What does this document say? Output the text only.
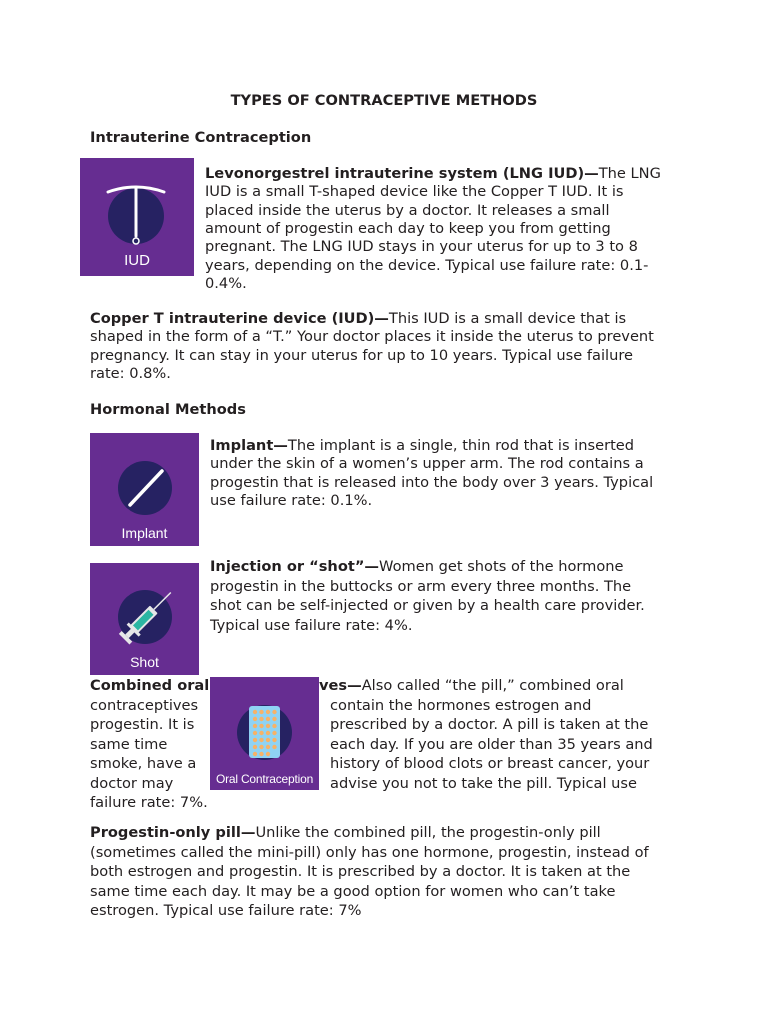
TYPES OF CONTRACEPTIVE METHODS
Intrauterine Contraception
IUD
Levonorgestrel intrauterine system (LNG IUD)—The LNG
IUD is a small T-shaped device like the Copper T IUD. It is
placed inside the uterus by a doctor. It releases a small
amount of progestin each day to keep you from getting
pregnant. The LNG IUD stays in your uterus for up to 3 to 8
years, depending on the device. Typical use failure rate: 0.1-
0.4%.
Copper T intrauterine device (IUD)—This IUD is a small device that is
shaped in the form of a “T.” Your doctor places it inside the uterus to prevent
pregnancy. It can stay in your uterus for up to 10 years. Typical use failure
rate: 0.8%.
Hormonal Methods
Implant
Implant—The implant is a single, thin rod that is inserted
under the skin of a women’s upper arm. The rod contains a
progestin that is released into the body over 3 years. Typical
use failure rate: 0.1%.
Shot
Injection or “shot”—Women get shots of the hormone
progestin in the buttocks or arm every three months. The
shot can be self-injected or given by a health care provider.
Typical use failure rate: 4%.
Combined oral	ves—Also called “the pill,” combined oral
contraceptives
progestin. It is
same time
smoke, have a
doctor may
failure rate: 7%.
contain the hormones estrogen and
prescribed by a doctor. A pill is taken at the
each day. If you are older than 35 years and
history of blood clots or breast cancer, your
advise you not to take the pill. Typical use
Oral Contraception
Progestin-only pill—Unlike the combined pill, the progestin-only pill
(sometimes called the mini-pill) only has one hormone, progestin, instead of
both estrogen and progestin. It is prescribed by a doctor. It is taken at the
same time each day. It may be a good option for women who can’t take
estrogen. Typical use failure rate: 7%
